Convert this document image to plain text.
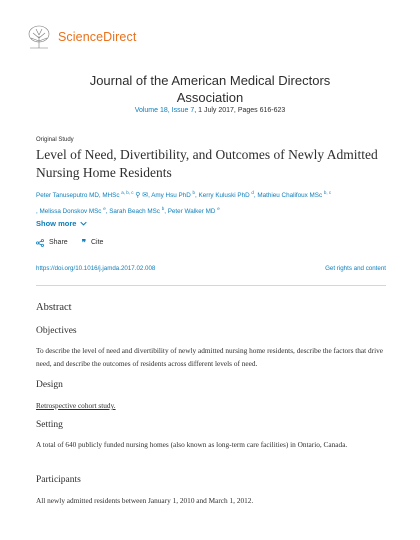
ScienceDirect
Journal of the American Medical Directors Association
Volume 18, Issue 7, 1 July 2017, Pages 616-623
Original Study
Level of Need, Divertibility, and Outcomes of Newly Admitted Nursing Home Residents
Peter Tanuseputro MD, MHSc $^{a, b, c}$ ⚲ ✉, Amy Hsu PhD $^b$, Kerry Kuluski PhD $^d$, Mathieu Chalifoux MSc $^{b, c}$
, Melissa Donskov MSc $^e$, Sarah Beach MSc $^b$, Peter Walker MD $^e$
Show more
Share ❞ Cite
https://doi.org/10.1016/j.jamda.2017.02.008	Get rights and content
Abstract
Objectives
To describe the level of need and divertibility of newly admitted nursing home residents, describe the factors that drive need, and describe the outcomes of residents across different levels of need.
Design
Retrospective cohort study.
Setting
A total of 640 publicly funded nursing homes (also known as long-term care facilities) in Ontario, Canada.
Participants
All newly admitted residents between January 1, 2010 and March 1, 2012.
